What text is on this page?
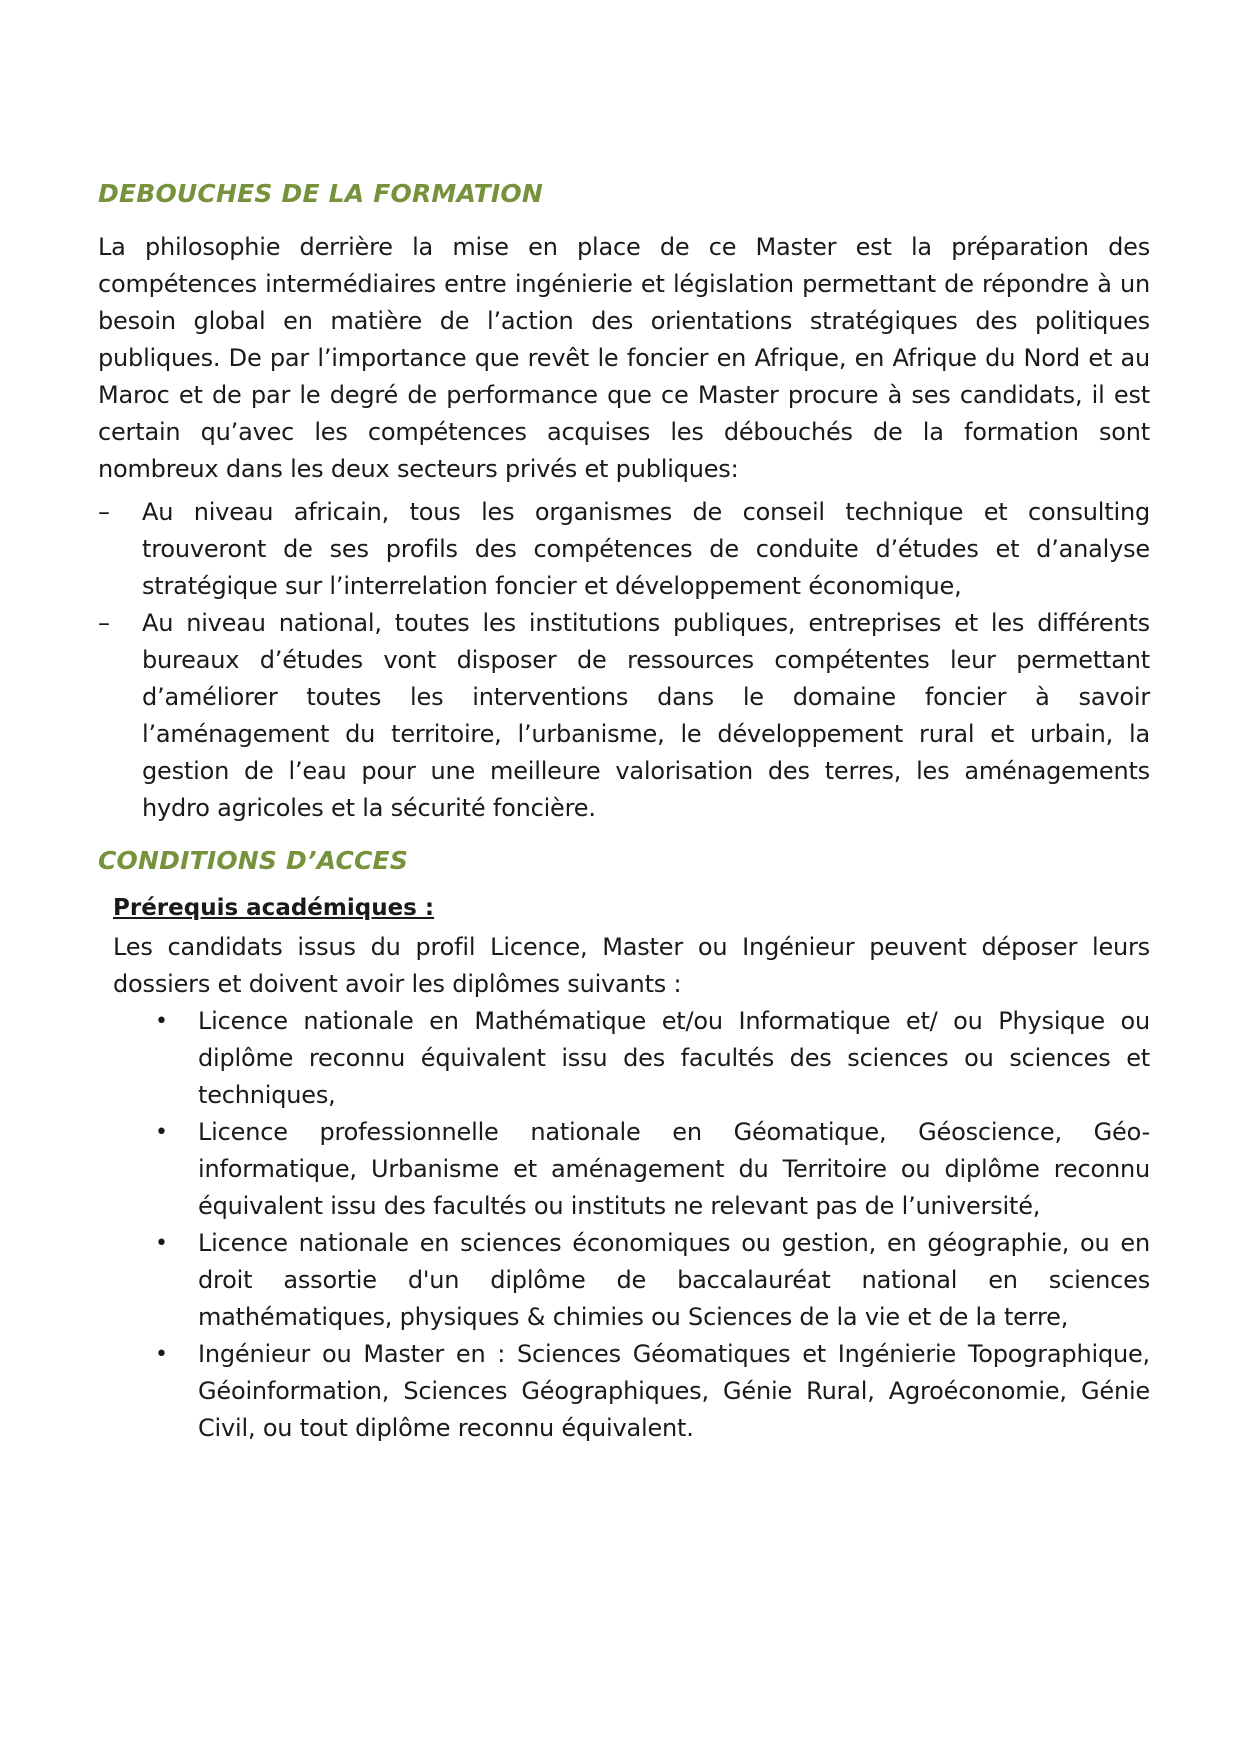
DEBOUCHES DE LA FORMATION

La philosophie derrière la mise en place de ce Master est la préparation des compétences intermédiaires entre ingénierie et législation permettant de répondre à un besoin global en matière de l’action des orientations stratégiques des politiques publiques. De par l’importance que revêt le foncier en Afrique, en Afrique du Nord et au Maroc et de par le degré de performance que ce Master procure à ses candidats, il est certain qu’avec les compétences acquises les débouchés de la formation sont nombreux dans les deux secteurs privés et publiques:

–	Au niveau africain, tous les organismes de conseil technique et consulting trouveront de ses profils des compétences de conduite d’études et d’analyse stratégique sur l’interrelation foncier et développement économique,
–	Au niveau national, toutes les institutions publiques, entreprises et les différents bureaux d’études vont disposer de ressources compétentes leur permettant d’améliorer toutes les interventions dans le domaine foncier à savoir l’aménagement du territoire, l’urbanisme, le développement rural et urbain, la gestion de l’eau pour une meilleure valorisation des terres, les aménagements hydro agricoles et la sécurité foncière.
CONDITIONS D’ACCES

Prérequis académiques :

Les candidats issus du profil Licence, Master ou Ingénieur peuvent déposer leurs dossiers et doivent avoir les diplômes suivants :

• Licence nationale en Mathématique et/ou Informatique et/ ou Physique ou diplôme reconnu équivalent issu des facultés des sciences ou sciences et techniques,
• Licence professionnelle nationale en Géomatique, Géoscience, Géo-informatique, Urbanisme et aménagement du Territoire ou diplôme reconnu équivalent issu des facultés ou instituts ne relevant pas de l’université,
• Licence nationale en sciences économiques ou gestion, en géographie, ou en droit assortie d'un diplôme de baccalauréat national en sciences mathématiques, physiques & chimies ou Sciences de la vie et de la terre,
• Ingénieur ou Master en : Sciences Géomatiques et Ingénierie Topographique, Géoinformation, Sciences Géographiques, Génie Rural, Agroéconomie, Génie Civil, ou tout diplôme reconnu équivalent.
